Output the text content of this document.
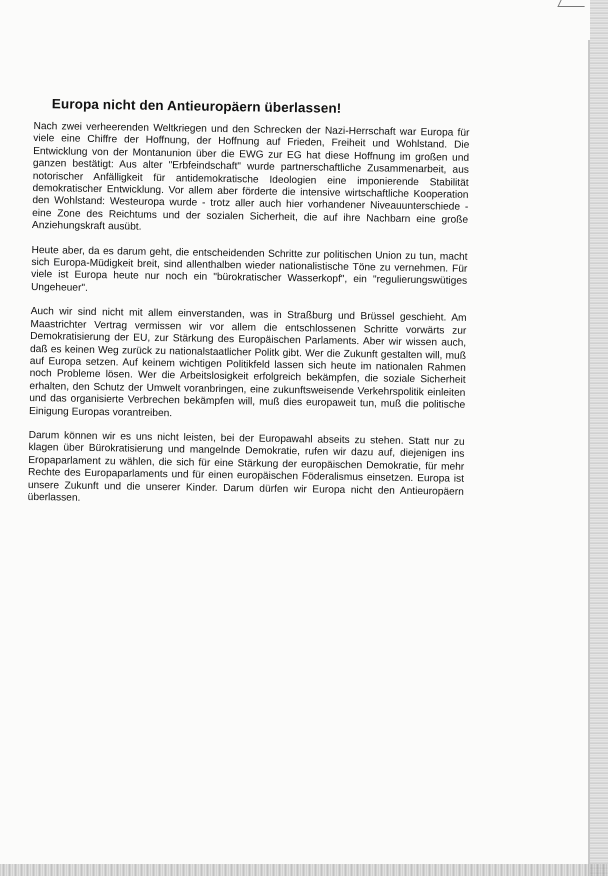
Europa nicht den Antieuropäern überlassen!

Nach zwei verheerenden Weltkriegen und den Schrecken der Nazi-Herrschaft war Europa für viele eine Chiffre der Hoffnung, der Hoffnung auf Frieden, Freiheit und Wohlstand. Die Entwicklung von der Montanunion über die EWG zur EG hat diese Hoffnung im großen und ganzen bestätigt: Aus alter "Erbfeindschaft" wurde partnerschaftliche Zusammenarbeit, aus notorischer Anfälligkeit für antidemokratische Ideologien eine imponierende Stabilität demokratischer Entwicklung. Vor allem aber förderte die intensive wirtschaftliche Kooperation den Wohlstand: Westeuropa wurde - trotz aller auch hier vorhandener Niveauunterschiede - eine Zone des Reichtums und der sozialen Sicherheit, die auf ihre Nachbarn eine große Anziehungskraft ausübt.

Heute aber, da es darum geht, die entscheidenden Schritte zur politischen Union zu tun, macht sich Europa-Müdigkeit breit, sind allenthalben wieder nationalistische Töne zu vernehmen. Für viele ist Europa heute nur noch ein "bürokratischer Wasserkopf", ein "regulierungswütiges Ungeheuer".

Auch wir sind nicht mit allem einverstanden, was in Straßburg und Brüssel geschieht. Am Maastrichter Vertrag vermissen wir vor allem die entschlossenen Schritte vorwärts zur Demokratisierung der EU, zur Stärkung des Europäischen Parlaments. Aber wir wissen auch, daß es keinen Weg zurück zu nationalstaatlicher Politk gibt. Wer die Zukunft gestalten will, muß auf Europa setzen. Auf keinem wichtigen Politikfeld lassen sich heute im nationalen Rahmen noch Probleme lösen. Wer die Arbeitslosigkeit erfolgreich bekämpfen, die soziale Sicherheit erhalten, den Schutz der Umwelt voranbringen, eine zukunftsweisende Verkehrspolitik einleiten und das organisierte Verbrechen bekämpfen will, muß dies europaweit tun, muß die politische Einigung Europas vorantreiben.

Darum können wir es uns nicht leisten, bei der Europawahl abseits zu stehen. Statt nur zu klagen über Bürokratisierung und mangelnde Demokratie, rufen wir dazu auf, diejenigen ins Eropaparlament zu wählen, die sich für eine Stärkung der europäischen Demokratie, für mehr Rechte des Europaparlaments und für einen europäischen Föderalismus einsetzen. Europa ist unsere Zukunft und die unserer Kinder. Darum dürfen wir Europa nicht den Antieuropäern überlassen.
